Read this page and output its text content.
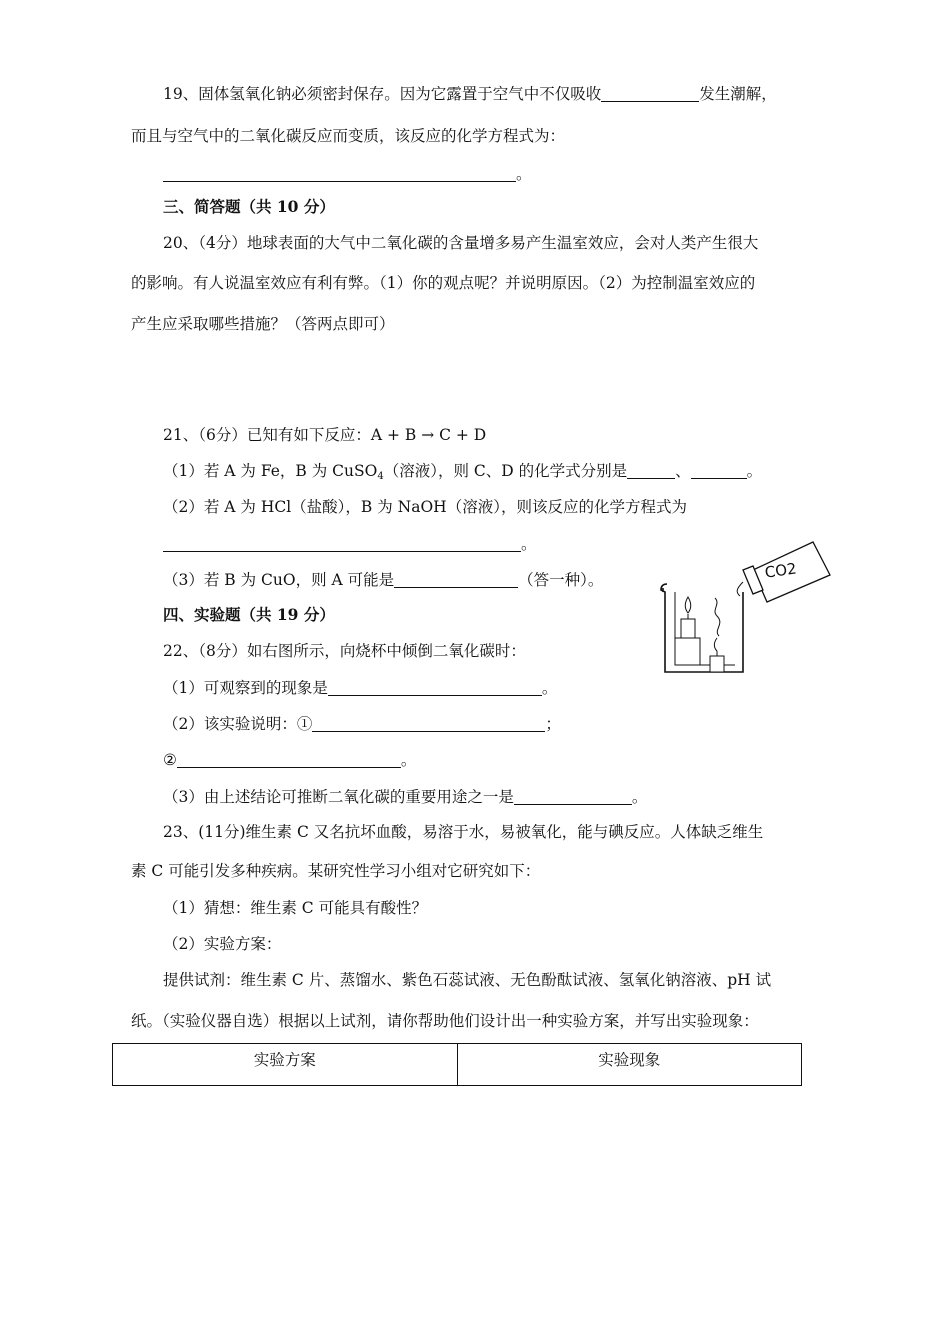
19、固体氢氧化钠必须密封保存。因为它露置于空气中不仅吸收	发生潮解，
而且与空气中的二氧化碳反应而变质，该反应的化学方程式为：
。
三、简答题（共 10 分）
20、（4分）地球表面的大气中二氧化碳的含量增多易产生温室效应，会对人类产生很大
的影响。有人说温室效应有利有弊。（1）你的观点呢？并说明原因。（2）为控制温室效应的
产生应采取哪些措施？（答两点即可）
21、（6分）已知有如下反应：A + B → C + D
（1）若 A 为 Fe，B 为 CuSO$_4$（溶液），则 C、D 的化学式分别是	、	。
（2）若 A 为 HCl（盐酸），B 为 NaOH（溶液），则该反应的化学方程式为
。
（3）若 B 为 CuO，则 A 可能是	（答一种）。
四、实验题（共 19 分）
22、（8分）如右图所示，向烧杯中倾倒二氧化碳时：
（1）可观察到的现象是	。
（2）该实验说明：①	；
②	。
（3）由上述结论可推断二氧化碳的重要用途之一是	。
CO2
23、(11分)维生素 C 又名抗坏血酸，易溶于水，易被氧化，能与碘反应。人体缺乏维生
素 C 可能引发多种疾病。某研究性学习小组对它研究如下：
（1）猜想：维生素 C 可能具有酸性？
（2）实验方案：
提供试剂：维生素 C 片、蒸馏水、紫色石蕊试液、无色酚酞试液、氢氧化钠溶液、pH 试
纸。（实验仪器自选）根据以上试剂，请你帮助他们设计出一种实验方案，并写出实验现象：
实验方案	实验现象
